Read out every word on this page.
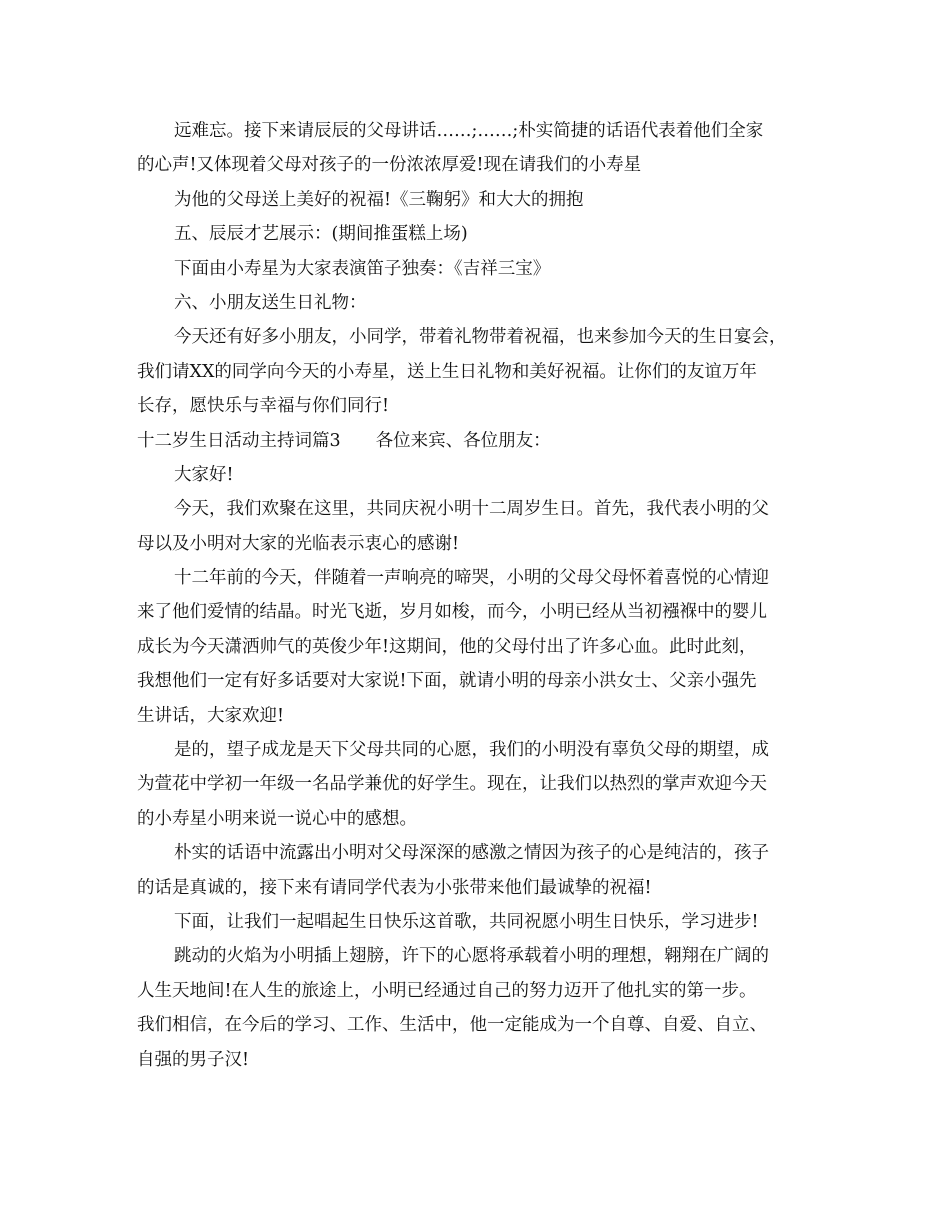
远难忘。接下来请辰辰的父母讲话……;……;朴实简捷的话语代表着他们全家
的心声!又体现着父母对孩子的一份浓浓厚爱!现在请我们的小寿星
为他的父母送上美好的祝福!《三鞠躬》和大大的拥抱
五、辰辰才艺展示：(期间推蛋糕上场)
下面由小寿星为大家表演笛子独奏：《吉祥三宝》
六、小朋友送生日礼物：
今天还有好多小朋友，小同学，带着礼物带着祝福，也来参加今天的生日宴会，
我们请XX的同学向今天的小寿星，送上生日礼物和美好祝福。让你们的友谊万年
长存，愿快乐与幸福与你们同行!
十二岁生日活动主持词篇3　　各位来宾、各位朋友：
大家好!
今天，我们欢聚在这里，共同庆祝小明十二周岁生日。首先，我代表小明的父
母以及小明对大家的光临表示衷心的感谢!
十二年前的今天，伴随着一声响亮的啼哭，小明的父母父母怀着喜悦的心情迎
来了他们爱情的结晶。时光飞逝，岁月如梭，而今，小明已经从当初襁褓中的婴儿
成长为今天潇洒帅气的英俊少年!这期间，他的父母付出了许多心血。此时此刻，
我想他们一定有好多话要对大家说!下面，就请小明的母亲小洪女士、父亲小强先
生讲话，大家欢迎!
是的，望子成龙是天下父母共同的心愿，我们的小明没有辜负父母的期望，成
为萱花中学初一年级一名品学兼优的好学生。现在，让我们以热烈的掌声欢迎今天
的小寿星小明来说一说心中的感想。
朴实的话语中流露出小明对父母深深的感激之情因为孩子的心是纯洁的，孩子
的话是真诚的，接下来有请同学代表为小张带来他们最诚挚的祝福!
下面，让我们一起唱起生日快乐这首歌，共同祝愿小明生日快乐，学习进步!
跳动的火焰为小明插上翅膀，许下的心愿将承载着小明的理想，翱翔在广阔的
人生天地间!在人生的旅途上，小明已经通过自己的努力迈开了他扎实的第一步。
我们相信，在今后的学习、工作、生活中，他一定能成为一个自尊、自爱、自立、
自强的男子汉!
